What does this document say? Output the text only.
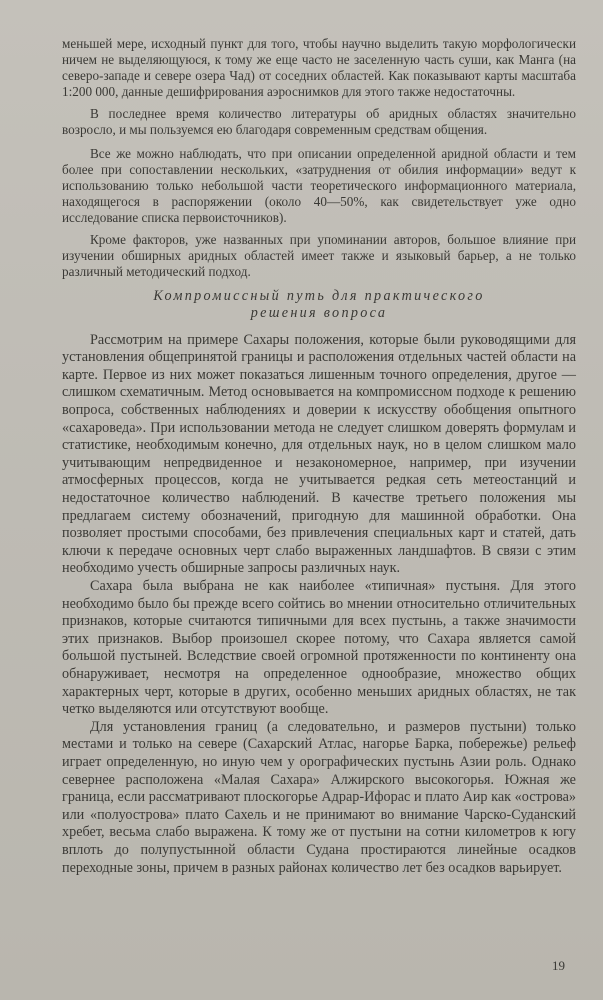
меньшей мере, исходный пункт для того, чтобы научно выделить такую морфологически ничем не выделяющуюся, к тому же еще часто не заселенную часть суши, как Манга (на северо-западе и севере озера Чад) от соседних областей. Как показывают карты масштаба 1:200 000, данные дешифрирования аэроснимков для этого также недостаточны.

В последнее время количество литературы об аридных областях значительно возросло, и мы пользуемся ею благодаря современным средствам общения.

Все же можно наблюдать, что при описании определенной аридной области и тем более при сопоставлении нескольких, «затруднения от обилия информации» ведут к использованию только небольшой части теоретического информационного материала, находящегося в распоряжении (около 40—50%, как свидетельствует уже одно исследование списка первоисточников).

Кроме факторов, уже названных при упоминании авторов, большое влияние при изучении обширных аридных областей имеет также и языковый барьер, а не только различный методический подход.

Компромиссный путь для практического

решения вопроса

Рассмотрим на примере Сахары положения, которые были руководящими для установления общепринятой границы и расположения отдельных частей области на карте. Первое из них может показаться лишенным точного определения, другое — слишком схематичным. Метод основывается на компромиссном подходе к решению вопроса, собственных наблюдениях и доверии к искусству обобщения опытного «сахароведа». При использовании метода не следует слишком доверять формулам и статистике, необходимым конечно, для отдельных наук, но в целом слишком мало учитывающим непредвиденное и незакономерное, например, при изучении атмосферных процессов, когда не учитывается редкая сеть метеостанций и недостаточное количество наблюдений. В качестве третьего положения мы предлагаем систему обозначений, пригодную для машинной обработки. Она позволяет простыми способами, без привлечения специальных карт и статей, дать ключи к передаче основных черт слабо выраженных ландшафтов. В связи с этим необходимо учесть обширные запросы различных наук.

Сахара была выбрана не как наиболее «типичная» пустыня. Для этого необходимо было бы прежде всего сойтись во мнении относительно отличительных признаков, которые считаются типичными для всех пустынь, а также значимости этих признаков. Выбор произошел скорее потому, что Сахара является самой большой пустыней. Вследствие своей огромной протяженности по континенту она обнаруживает, несмотря на определенное однообразие, множество общих характерных черт, которые в других, особенно меньших аридных областях, не так четко выделяются или отсутствуют вообще.

Для установления границ (а следовательно, и размеров пустыни) только местами и только на севере (Сахарский Атлас, нагорье Барка, побережье) рельеф играет определенную, но иную чем у орографических пустынь Азии роль. Однако севернее расположена «Малая Сахара» Алжирского высокогорья. Южная же граница, если рассматривают плоскогорье Адрар-Ифорас и плато Аир как «острова» или «полуострова» плато Сахель и не принимают во внимание Чарско-Суданский хребет, весьма слабо выражена. К тому же от пустыни на сотни километров к югу вплоть до полупустынной области Судана простираются линейные осадков переходные зоны, причем в разных районах количество лет без осадков варьирует.

19
